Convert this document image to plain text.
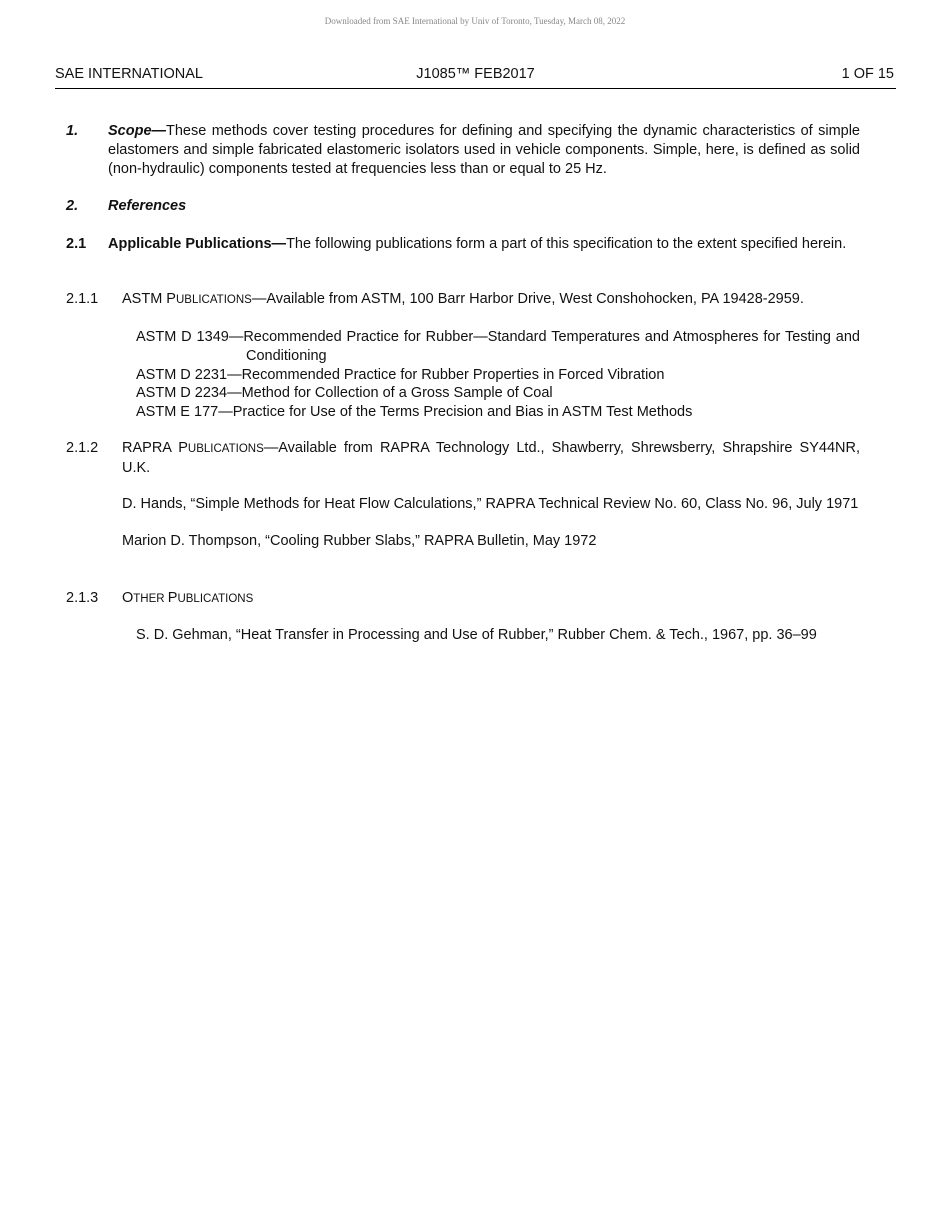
Downloaded from SAE International by Univ of Toronto, Tuesday, March 08, 2022
J1085™ FEB2017
SAE INTERNATIONAL	1 OF 15
1. Scope—These methods cover testing procedures for defining and specifying the dynamic characteristics of simple elastomers and simple fabricated elastomeric isolators used in vehicle components. Simple, here, is defined as solid (non-hydraulic) components tested at frequencies less than or equal to 25 Hz.
2. References
2.1 Applicable Publications—The following publications form a part of this specification to the extent specified herein.
2.1.1 ASTM PUBLICATIONS—Available from ASTM, 100 Barr Harbor Drive, West Conshohocken, PA 19428-2959.
ASTM D 1349—Recommended Practice for Rubber—Standard Temperatures and Atmospheres for Testing and Conditioning
ASTM D 2231—Recommended Practice for Rubber Properties in Forced Vibration
ASTM D 2234—Method for Collection of a Gross Sample of Coal
ASTM E 177—Practice for Use of the Terms Precision and Bias in ASTM Test Methods
2.1.2 RAPRA PUBLICATIONS—Available from RAPRA Technology Ltd., Shawberry, Shrewsberry, Shrapshire SY44NR, U.K.
D. Hands, “Simple Methods for Heat Flow Calculations,” RAPRA Technical Review No. 60, Class No. 96, July 1971
Marion D. Thompson, “Cooling Rubber Slabs,” RAPRA Bulletin, May 1972
2.1.3 OTHER PUBLICATIONS
S. D. Gehman, “Heat Transfer in Processing and Use of Rubber,” Rubber Chem. & Tech., 1967, pp. 36–99
